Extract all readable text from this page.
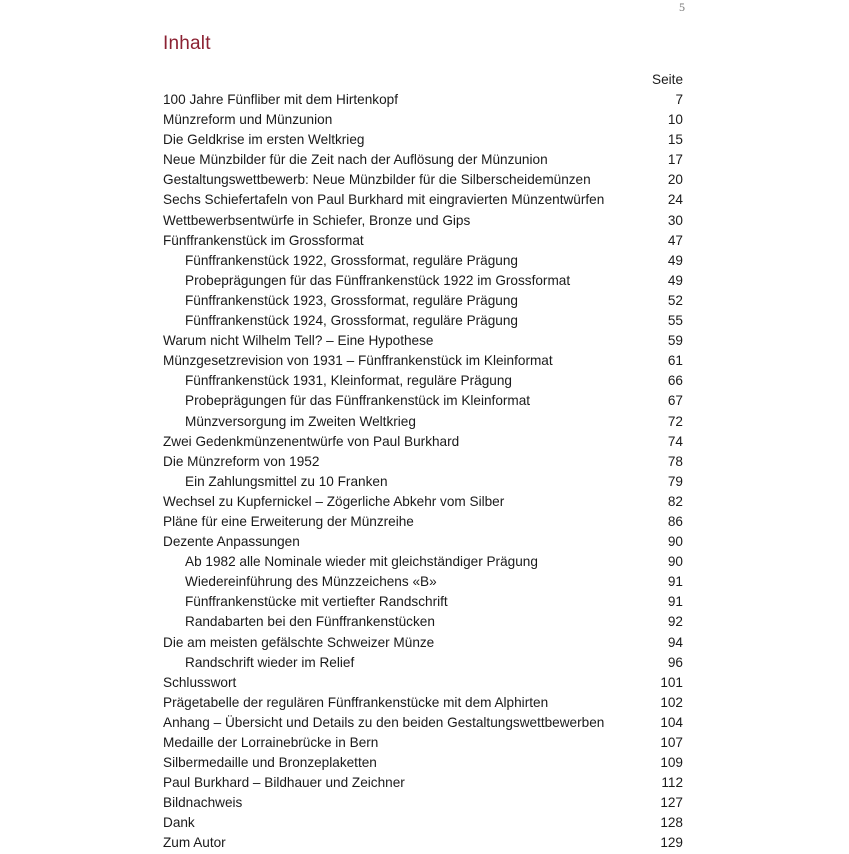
5
Inhalt
Seite
100 Jahre Fünfliber mit dem Hirtenkopf	7
Münzreform und Münzunion	10
Die Geldkrise im ersten Weltkrieg	15
Neue Münzbilder für die Zeit nach der Auflösung der Münzunion	17
Gestaltungswettbewerb: Neue Münzbilder für die Silberscheidemünzen	20
Sechs Schiefertafeln von Paul Burkhard mit eingravierten Münzentwürfen	24
Wettbewerbsentwürfe in Schiefer, Bronze und Gips	30
Fünffrankenstück im Grossformat	47
Fünffrankenstück 1922, Grossformat, reguläre Prägung	49
Probeprägungen für das Fünffrankenstück 1922 im Grossformat	49
Fünffrankenstück 1923, Grossformat, reguläre Prägung	52
Fünffrankenstück 1924, Grossformat, reguläre Prägung	55
Warum nicht Wilhelm Tell? – Eine Hypothese	59
Münzgesetzrevision von 1931 – Fünffrankenstück im Kleinformat	61
Fünffrankenstück 1931, Kleinformat, reguläre Prägung	66
Probeprägungen für das Fünffrankenstück im Kleinformat	67
Münzversorgung im Zweiten Weltkrieg	72
Zwei Gedenkmünzenentwürfe von Paul Burkhard	74
Die Münzreform von 1952	78
Ein Zahlungsmittel zu 10 Franken	79
Wechsel zu Kupfernickel – Zögerliche Abkehr vom Silber	82
Pläne für eine Erweiterung der Münzreihe	86
Dezente Anpassungen	90
Ab 1982 alle Nominale wieder mit gleichständiger Prägung	90
Wiedereinführung des Münzzeichens «B»	91
Fünffrankenstücke mit vertiefter Randschrift	91
Randabarten bei den Fünffrankenstücken	92
Die am meisten gefälschte Schweizer Münze	94
Randschrift wieder im Relief	96
Schlusswort	101
Prägetabelle der regulären Fünffrankenstücke mit dem Alphirten	102
Anhang – Übersicht und Details zu den beiden Gestaltungswettbewerben	104
Medaille der Lorrainebrücke in Bern	107
Silbermedaille und Bronzeplaketten	109
Paul Burkhard – Bildhauer und Zeichner	112
Bildnachweis	127
Dank	128
Zum Autor	129
